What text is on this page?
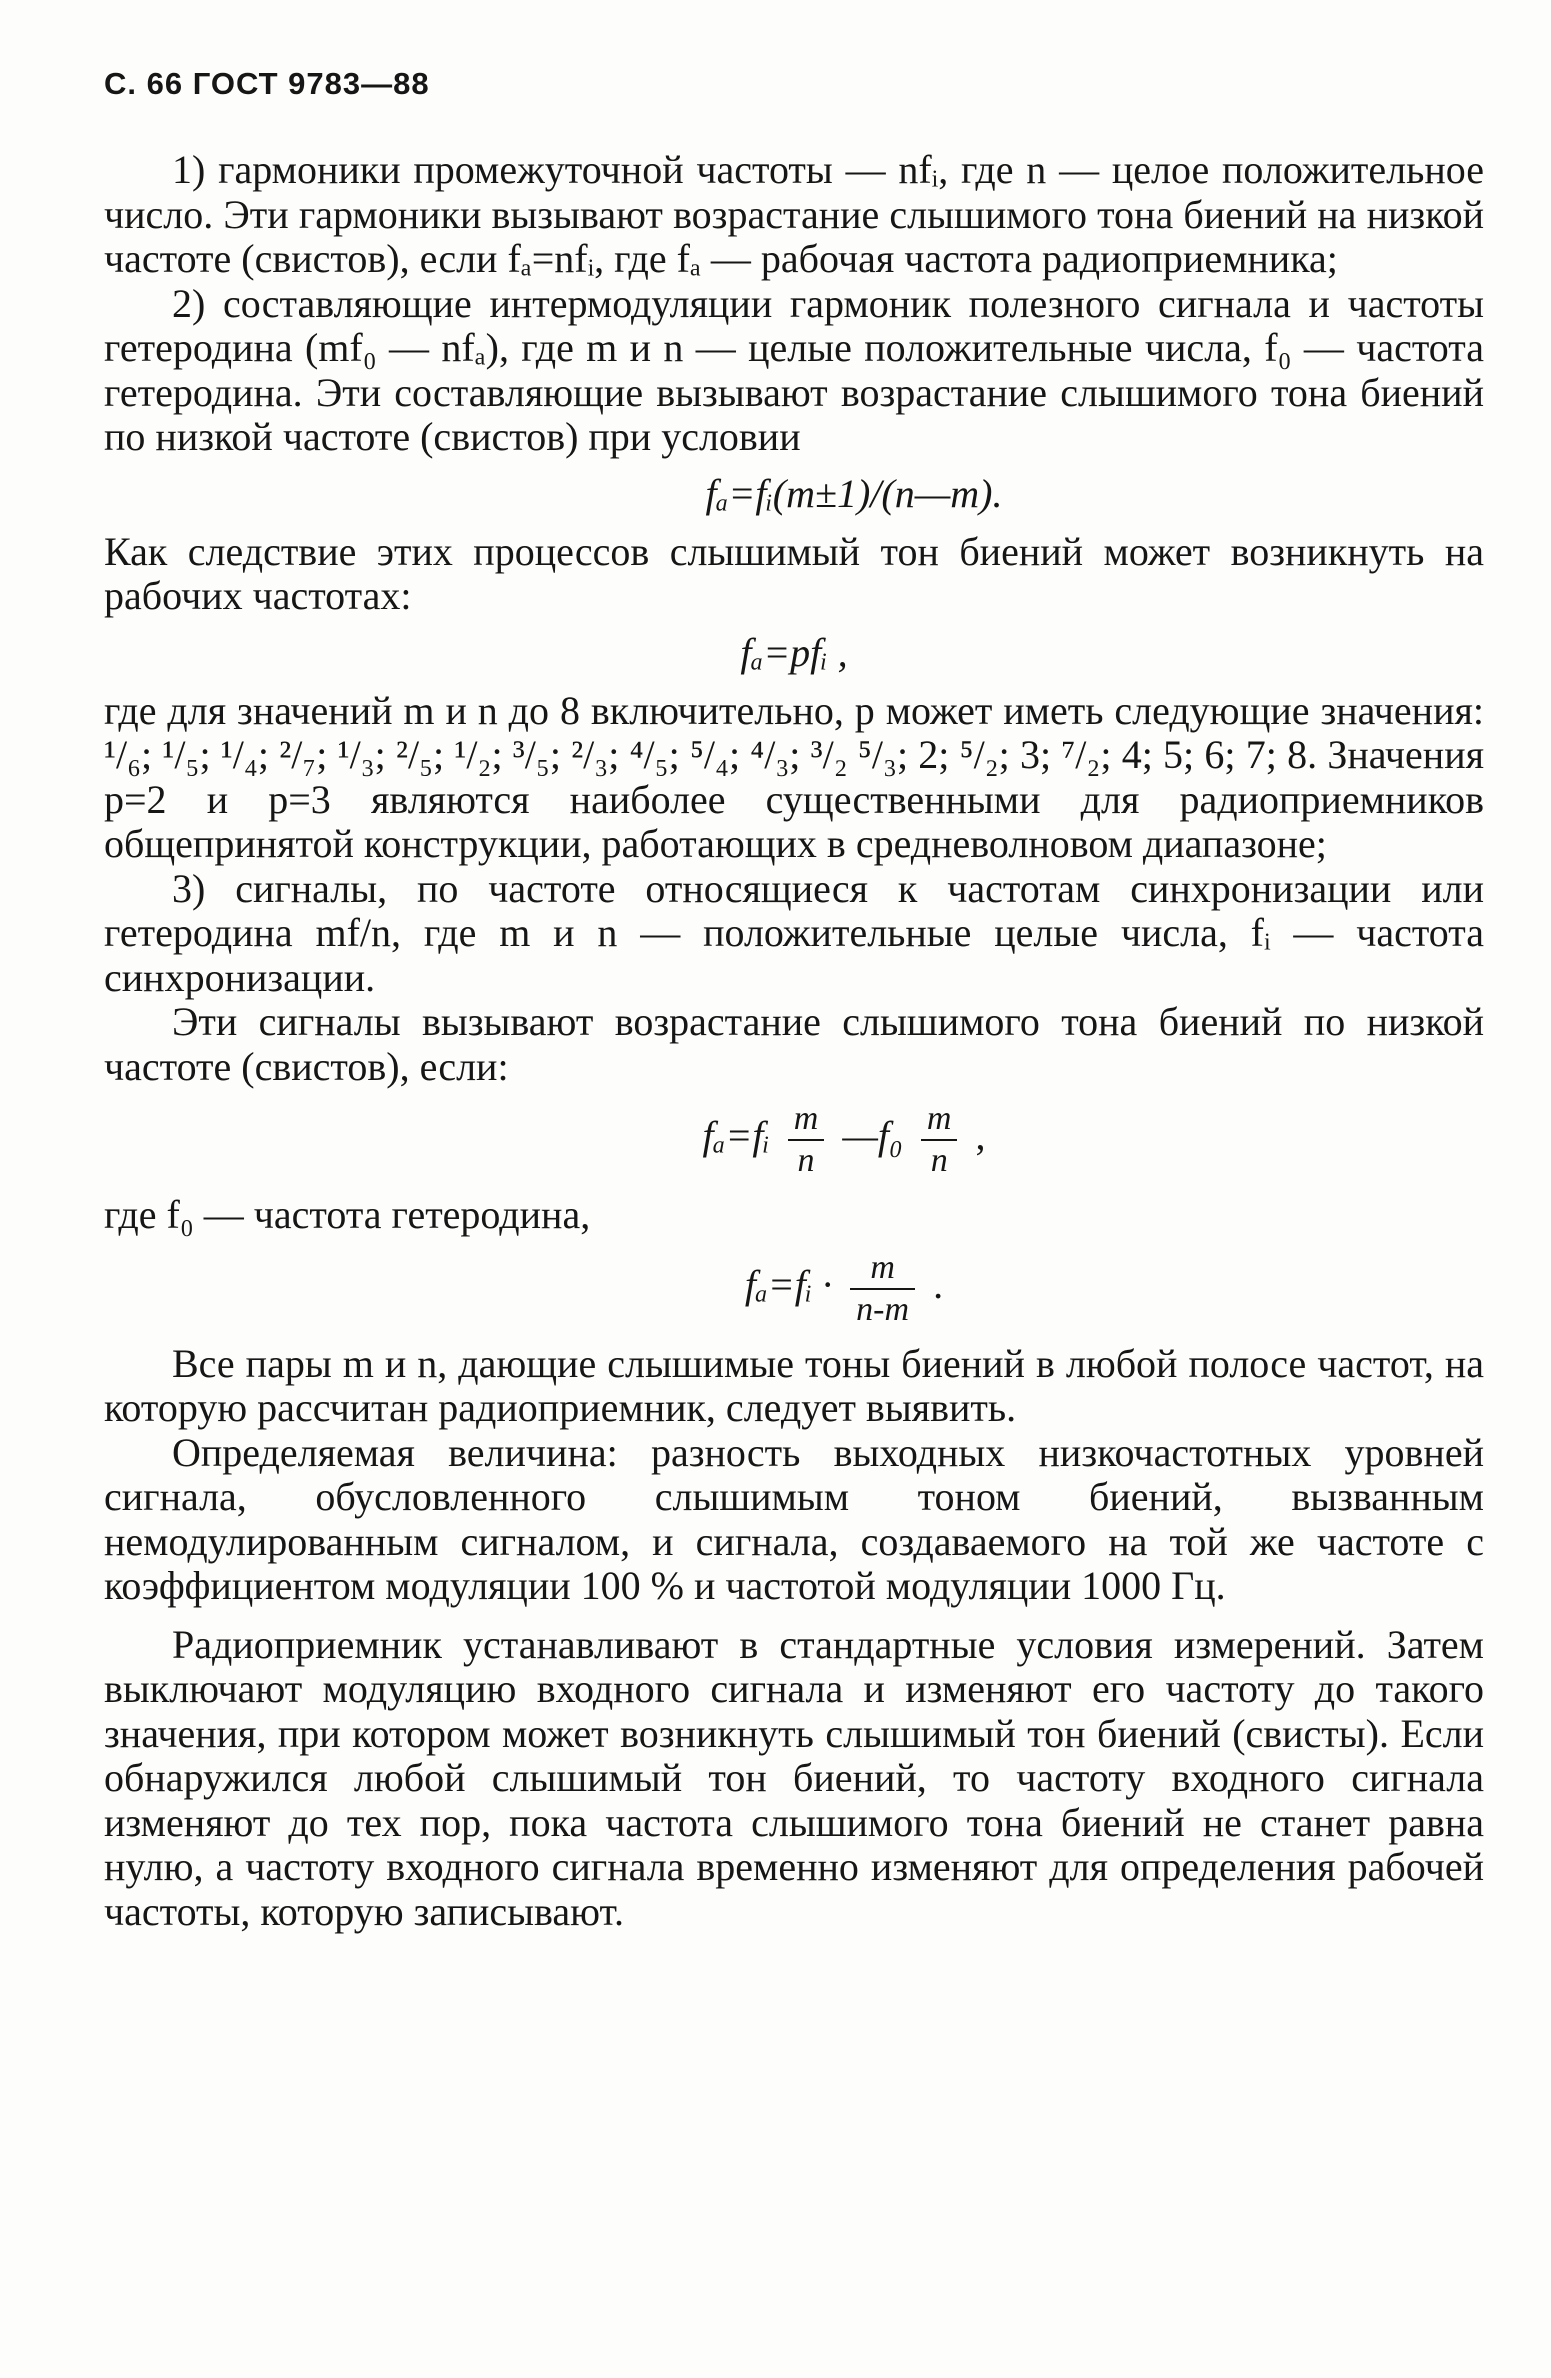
С. 66 ГОСТ 9783—88

1) гармоники промежуточной частоты — nfᵢ, где n — целое положительное число. Эти гармоники вызывают возрастание слышимого тона биений на низкой частоте (свистов), если fₐ=nfᵢ, где fₐ — рабочая частота радиоприемника;

2) составляющие интермодуляции гармоник полезного сигнала и частоты гетеродина (mf₀ — nfₐ), где m и n — целые положительные числа, f₀ — частота гетеродина. Эти составляющие вызывают возрастание слышимого тона биений по низкой частоте (свистов) при условии

fₐ=fᵢ(m±1)/(n—m).

Как следствие этих процессов слышимый тон биений может возникнуть на рабочих частотах:

fₐ=pfᵢ ,

где для значений m и n до 8 включительно, p может иметь следующие значения: ¹/₆; ¹/₅; ¹/₄; ²/₇; ¹/₃; ²/₅; ¹/₂; ³/₅; ²/₃; ⁴/₅; ⁵/₄; ⁴/₃; ³/₂ ⁵/₃; 2; ⁵/₂; 3; ⁷/₂; 4; 5; 6; 7; 8. Значения p=2 и p=3 являются наиболее существенными для радиоприемников общепринятой конструкции, работающих в средневолновом диапазоне;

3) сигналы, по частоте относящиеся к частотам синхронизации или гетеродина mf/n, где m и n — положительные целые числа, fᵢ — частота синхронизации.

Эти сигналы вызывают возрастание слышимого тона биений по низкой частоте (свистов), если:

fₐ=fᵢ $\frac{m}{n}$ —f₀ $\frac{m}{n}$ ,

где f₀ — частота гетеродина,

fₐ=fᵢ · $\frac{m}{n-m}$ .

Все пары m и n, дающие слышимые тоны биений в любой полосе частот, на которую рассчитан радиоприемник, следует выявить.

Определяемая величина: разность выходных низкочастотных уровней сигнала, обусловленного слышимым тоном биений, вызванным немодулированным сигналом, и сигнала, создаваемого на той же частоте с коэффициентом модуляции 100 % и частотой модуляции 1000 Гц.

Радиоприемник устанавливают в стандартные условия измерений. Затем выключают модуляцию входного сигнала и изменяют его частоту до такого значения, при котором может возникнуть слышимый тон биений (свисты). Если обнаружился любой слышимый тон биений, то частоту входного сигнала изменяют до тех пор, пока частота слышимого тона биений не станет равна нулю, а частоту входного сигнала временно изменяют для определения рабочей частоты, которую записывают.
